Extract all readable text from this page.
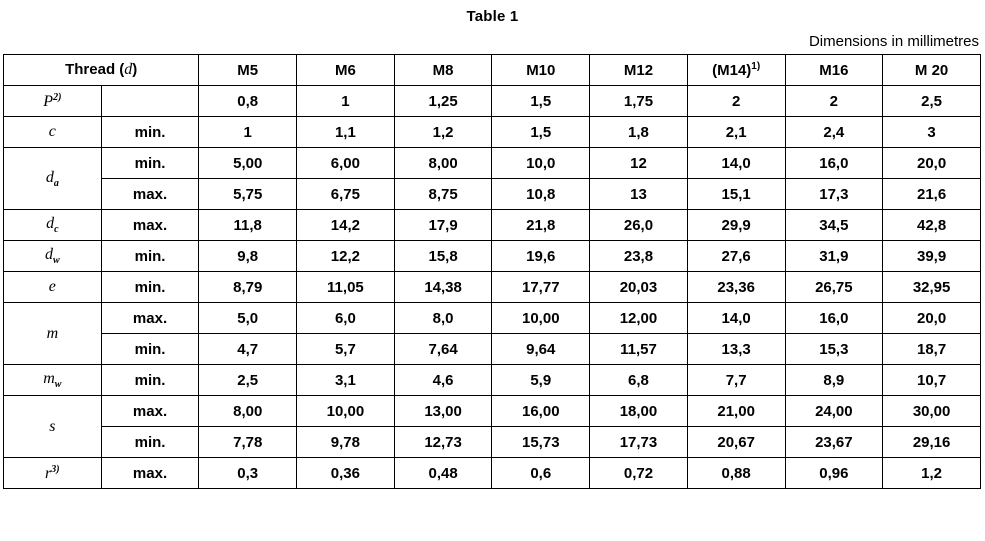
Table 1
Dimensions in millimetres
Thread (d)		M5	M6	M8	M10	M12	$(M14)^{1)}$	M16	M 20
$P^{2)}$		0,8	1	1,25	1,5	1,75	2	2	2,5
c	min.	1	1,1	1,2	1,5	1,8	2,1	2,4	3
$d_a$	min.	5,00	6,00	8,00	10,0	12	14,0	16,0	20,0
	max.	5,75	6,75	8,75	10,8	13	15,1	17,3	21,6
$d_c$	max.	11,8	14,2	17,9	21,8	26,0	29,9	34,5	42,8
$d_w$	min.	9,8	12,2	15,8	19,6	23,8	27,6	31,9	39,9
e	min.	8,79	11,05	14,38	17,77	20,03	23,36	26,75	32,95
m	max.	5,0	6,0	8,0	10,00	12,00	14,0	16,0	20,0
	min.	4,7	5,7	7,64	9,64	11,57	13,3	15,3	18,7
$m_w$	min.	2,5	3,1	4,6	5,9	6,8	7,7	8,9	10,7
s	max.	8,00	10,00	13,00	16,00	18,00	21,00	24,00	30,00
	min.	7,78	9,78	12,73	15,73	17,73	20,67	23,67	29,16
$r^{3)}$	max.	0,3	0,36	0,48	0,6	0,72	0,88	0,96	1,2
